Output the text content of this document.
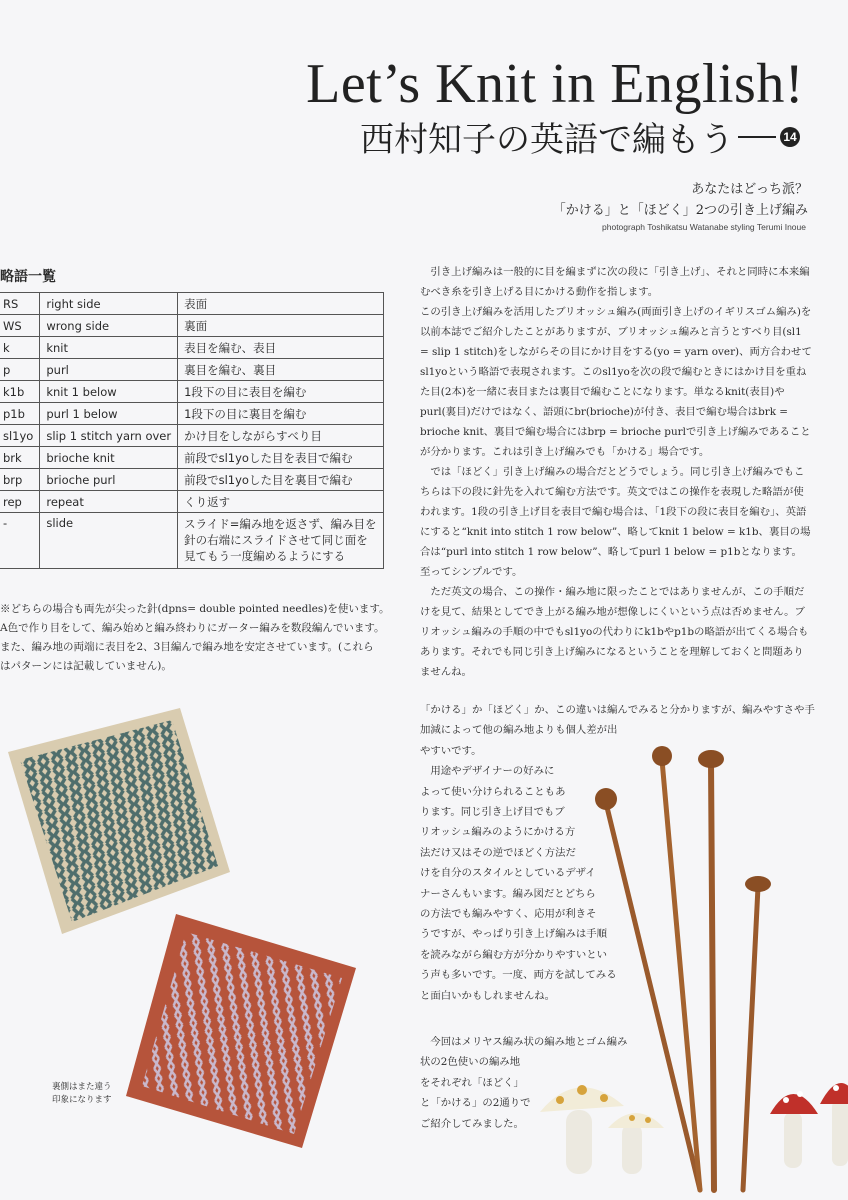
Let’s Knit in English!
西村知子の英語で編もう	14
あなたはどっち派？
「かける」と「ほどく」2つの引き上げ編み
photograph Toshikatsu Watanabe styling Terumi Inoue
略語一覧
RS	right side	表面
WS	wrong side	裏面
k	knit	表目を編む、表目
p	purl	裏目を編む、裏目
k1b	knit 1 below	1段下の目に表目を編む
p1b	purl 1 below	1段下の目に裏目を編む
sl1yo	slip 1 stitch yarn over	かけ目をしながらすべり目
brk	brioche knit	前段でsl1yoした目を表目で編む
brp	brioche purl	前段でsl1yoした目を裏目で編む
rep	repeat	くり返す
-	slide	スライド=編み地を返さず、編み目を針の右端にスライドさせて同じ面を見てもう一度編めるようにする

※どちらの場合も両先が尖った針(dpns= double pointed needles)を使います。

A色で作り目をして、編み始めと編み終わりにガーター編みを数段編んでいます。

また、編み地の両端に表目を2、3目編んで編み地を安定させています。(これら

はパターンには記載していません)。

引き上げ編みは一般的に目を編まずに次の段に「引き上げ」、それと同時に本来編むべき糸を引き上げる目にかける動作を指します。

この引き上げ編みを活用したブリオッシュ編み(両面引き上げのイギリスゴム編み)を以前本誌でご紹介したことがありますが、ブリオッシュ編みと言うとすべり目(sl1 = slip 1 stitch)をしながらその目にかけ目をする(yo = yarn over)、両方合わせてsl1yoという略語で表現されます。このsl1yoを次の段で編むときにはかけ目を重ねた目(2本)を一緒に表目または裏目で編むことになります。単なるknit(表目)やpurl(裏目)だけではなく、語頭にbr(brioche)が付き、表目で編む場合はbrk = brioche knit、裏目で編む場合にはbrp = brioche purlで引き上げ編みであることが分かります。これは引き上げ編みでも「かける」場合です。

では「ほどく」引き上げ編みの場合だとどうでしょう。同じ引き上げ編みでもこちらは下の段に針先を入れて編む方法です。英文ではこの操作を表現した略語が使われます。1段の引き上げ目を表目で編む場合は、「1段下の段に表目を編む」、英語にすると“knit into stitch 1 row below”、略してknit 1 below = k1b、裏目の場合は“purl into stitch 1 row below”、略してpurl 1 below = p1bとなります。至ってシンプルです。

ただ英文の場合、この操作・編み地に限ったことではありませんが、この手順だけを見て、結果としてでき上がる編み地が想像しにくいという点は否めません。ブリオッシュ編みの手順の中でもsl1yoの代わりにk1bやp1bの略語が出てくる場合もあります。それでも同じ引き上げ編みになるということを理解しておくと問題ありませんね。

「かける」か「ほどく」か、この違いは編んでみると分かりますが、編みやすさや手

加減によって他の編み地よりも個人差が出

やすいです。

　用途やデザイナーの好みに

よって使い分けられることもあ

ります。同じ引き上げ目でもブ

リオッシュ編みのようにかける方

法だけ又はその逆でほどく方法だ

けを自分のスタイルとしているデザイ

ナーさんもいます。編み図だとどちら

の方法でも編みやすく、応用が利きそ

うですが、やっぱり引き上げ編みは手順

を読みながら編む方が分かりやすいとい

う声も多いです。一度、両方を試してみる

と面白いかもしれませんね。

　今回はメリヤス編み状の編み地とゴム編み

状の2色使いの編み地

をそれぞれ「ほどく」

と「かける」の2通りで

ご紹介してみました。

裏側はまた違う

印象になります
